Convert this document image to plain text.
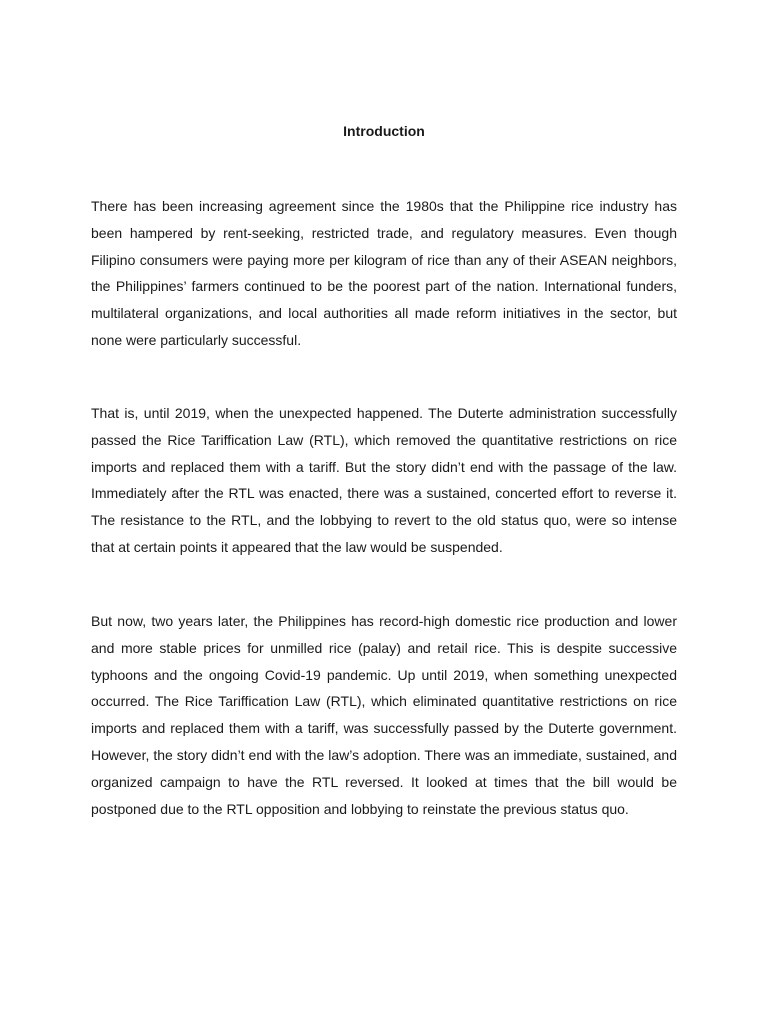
Introduction

There has been increasing agreement since the 1980s that the Philippine rice industry has been hampered by rent-seeking, restricted trade, and regulatory measures. Even though Filipino consumers were paying more per kilogram of rice than any of their ASEAN neighbors, the Philippines’ farmers continued to be the poorest part of the nation. International funders, multilateral organizations, and local authorities all made reform initiatives in the sector, but none were particularly successful.

That is, until 2019, when the unexpected happened. The Duterte administration successfully passed the Rice Tariffication Law (RTL), which removed the quantitative restrictions on rice imports and replaced them with a tariff. But the story didn’t end with the passage of the law. Immediately after the RTL was enacted, there was a sustained, concerted effort to reverse it. The resistance to the RTL, and the lobbying to revert to the old status quo, were so intense that at certain points it appeared that the law would be suspended.

But now, two years later, the Philippines has record-high domestic rice production and lower and more stable prices for unmilled rice (palay) and retail rice. This is despite successive typhoons and the ongoing Covid-19 pandemic. Up until 2019, when something unexpected occurred. The Rice Tariffication Law (RTL), which eliminated quantitative restrictions on rice imports and replaced them with a tariff, was successfully passed by the Duterte government. However, the story didn’t end with the law’s adoption. There was an immediate, sustained, and organized campaign to have the RTL reversed. It looked at times that the bill would be postponed due to the RTL opposition and lobbying to reinstate the previous status quo.
